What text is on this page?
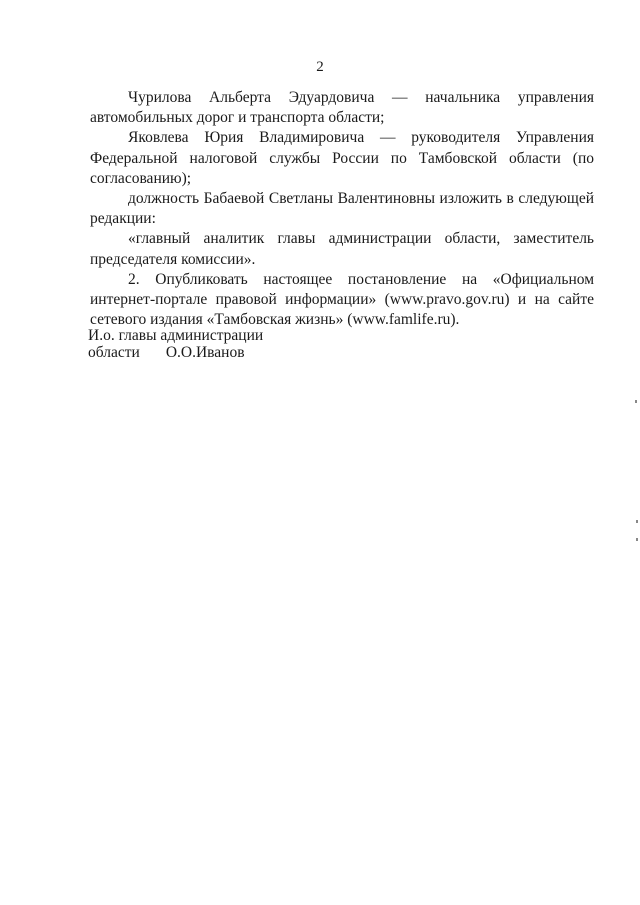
2

Чурилова Альберта Эдуардовича — начальника управления автомобильных дорог и транспорта области;

Яковлева Юрия Владимировича — руководителя Управления Федеральной налоговой службы России по Тамбовской области (по согласованию);

должность Бабаевой Светланы Валентиновны изложить в следующей редакции:

«главный аналитик главы администрации области, заместитель председателя комиссии».

2. Опубликовать настоящее постановление на «Официальном интернет-портале правовой информации» (www.pravo.gov.ru) и на сайте сетевого издания «Тамбовская жизнь» (www.famlife.ru).

И.о. главы администрации
области О.О.Иванов
